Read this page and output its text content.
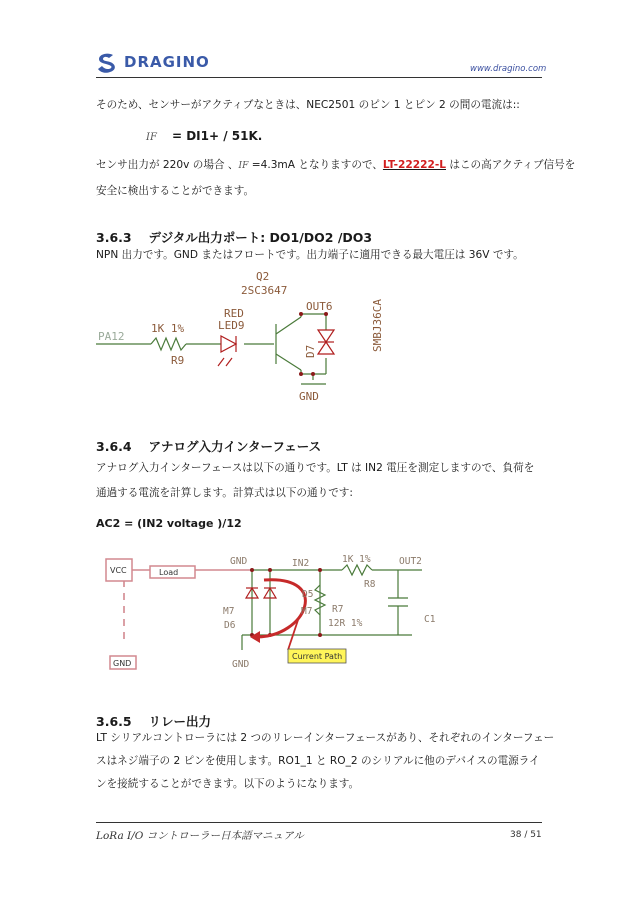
DRAGINO	www.dragino.com
そのため、センサーがアクティブなときは、NEC2501 のピン 1 とピン 2 の間の電流は::
IF = DI1+ / 51K.
センサ出力が 220v の場合 、IF =4.3mA となりますので、LT-22222-L はこの高アクティブ信号を
安全に検出することができます。
3.6.3 　デジタル出力ポート: DO1/DO2 /DO3
NPN 出力です。GND またはフロートです。出力端子に適用できる最大電圧は 36V です。
Q2
2SC3647
RED
LED9
OUT6
1K 1%
PA12
R9
GND
D7	SMBJ36CA
3.6.4 　アナログ入力インターフェース
アナログ入力インターフェースは以下の通りです。LT は IN2 電圧を測定しますので、負荷を
通過する電流を計算します。計算式は以下の通りです:
AC2 = (IN2 voltage )/12
VCC	Load
GND
Current Path
GND	IN2	1K 1%	OUT2
R8
D5
M7	M7
D6
R7
12R 1%	C1
GND
3.6.5 　リレー出力
LT シリアルコントローラには 2 つのリレーインターフェースがあり、それぞれのインターフェー
スはネジ端子の 2 ピンを使用します。RO1_1 と RO_2 のシリアルに他のデバイスの電源ライ
ンを接続することができます。以下のようになります。
LoRa I/O コントローラー日本語マニュアル	38 / 51
